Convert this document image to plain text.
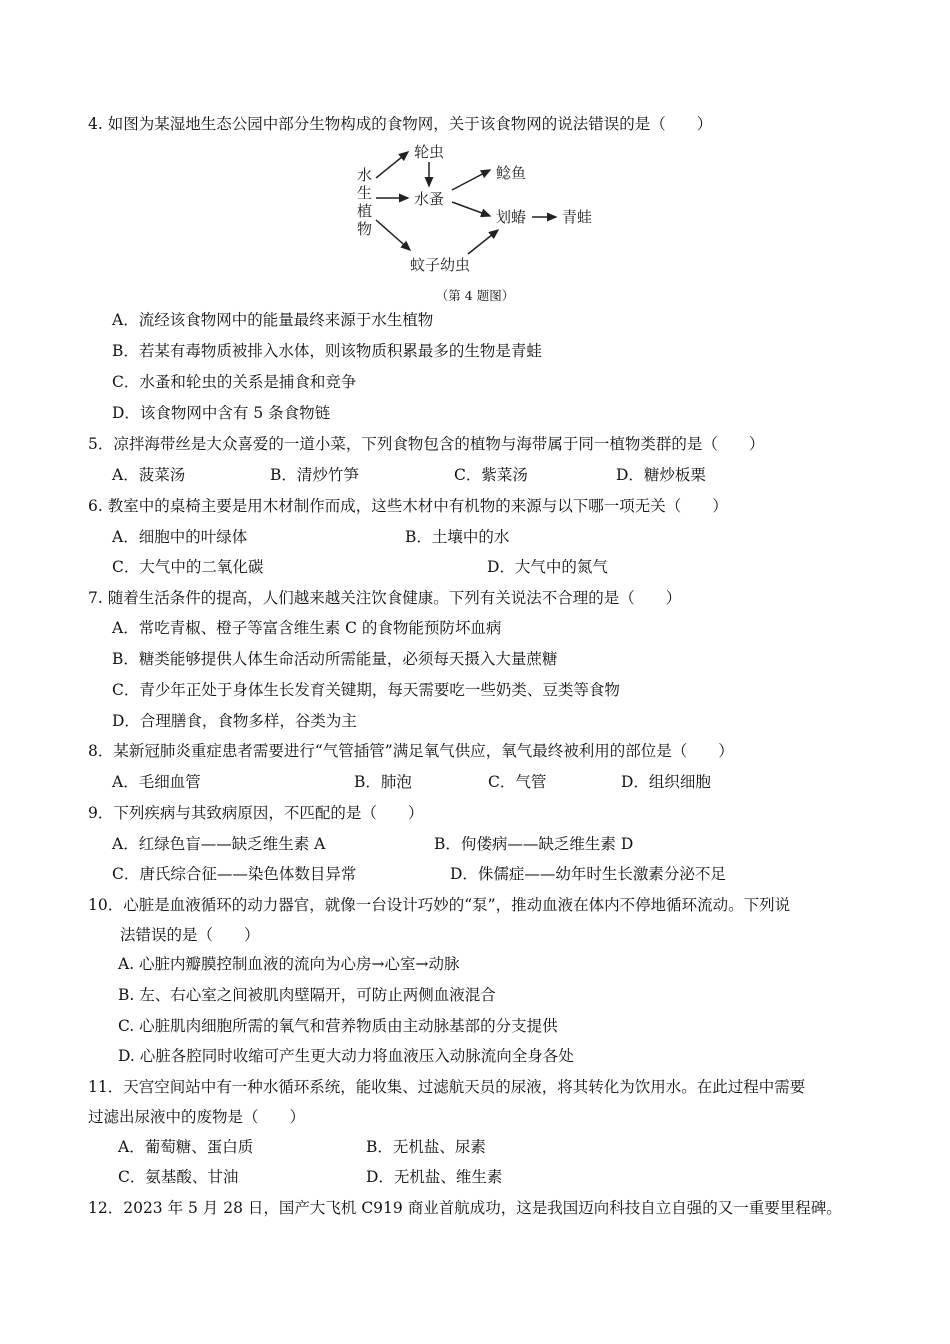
4. 如图为某湿地生态公园中部分生物构成的食物网，关于该食物网的说法错误的是（　　）
水
生
植
物
轮虫
水蚤
鲶鱼
划蝽 青蛙
蚊子幼虫
（第 4 题图）
A．流经该食物网中的能量最终来源于水生植物
B．若某有毒物质被排入水体，则该物质积累最多的生物是青蛙
C．水蚤和轮虫的关系是捕食和竞争
D．该食物网中含有 5 条食物链
5．凉拌海带丝是大众喜爱的一道小菜，下列食物包含的植物与海带属于同一植物类群的是（　　）
A．菠菜汤	B．清炒竹笋	C．紫菜汤	D．糖炒板栗
6. 教室中的桌椅主要是用木材制作而成，这些木材中有机物的来源与以下哪一项无关（　　）
A．细胞中的叶绿体	B．土壤中的水
C．大气中的二氧化碳	D．大气中的氮气
7. 随着生活条件的提高，人们越来越关注饮食健康。下列有关说法不合理的是（　　）
A．常吃青椒、橙子等富含维生素 C 的食物能预防坏血病
B．糖类能够提供人体生命活动所需能量，必须每天摄入大量蔗糖
C．青少年正处于身体生长发育关键期，每天需要吃一些奶类、豆类等食物
D．合理膳食，食物多样，谷类为主
8．某新冠肺炎重症患者需要进行“气管插管”满足氧气供应，氧气最终被利用的部位是（　　）
A．毛细血管	B．肺泡	C．气管	D．组织细胞
9．下列疾病与其致病原因，不匹配的是（　　）
A．红绿色盲——缺乏维生素 A	B．佝偻病——缺乏维生素 D
C．唐氏综合征——染色体数目异常	D．侏儒症——幼年时生长激素分泌不足
10．心脏是血液循环的动力器官，就像一台设计巧妙的“泵”，推动血液在体内不停地循环流动。下列说
法错误的是（　　）
A. 心脏内瓣膜控制血液的流向为心房→心室→动脉
B. 左、右心室之间被肌肉壁隔开，可防止两侧血液混合
C. 心脏肌肉细胞所需的氧气和营养物质由主动脉基部的分支提供
D. 心脏各腔同时收缩可产生更大动力将血液压入动脉流向全身各处
11．天宫空间站中有一种水循环系统，能收集、过滤航天员的尿液，将其转化为饮用水。在此过程中需要
过滤出尿液中的废物是（　　）
A．葡萄糖、蛋白质	B．无机盐、尿素
C．氨基酸、甘油	D．无机盐、维生素
12．2023 年 5 月 28 日，国产大飞机 C919 商业首航成功，这是我国迈向科技自立自强的又一重要里程碑。
